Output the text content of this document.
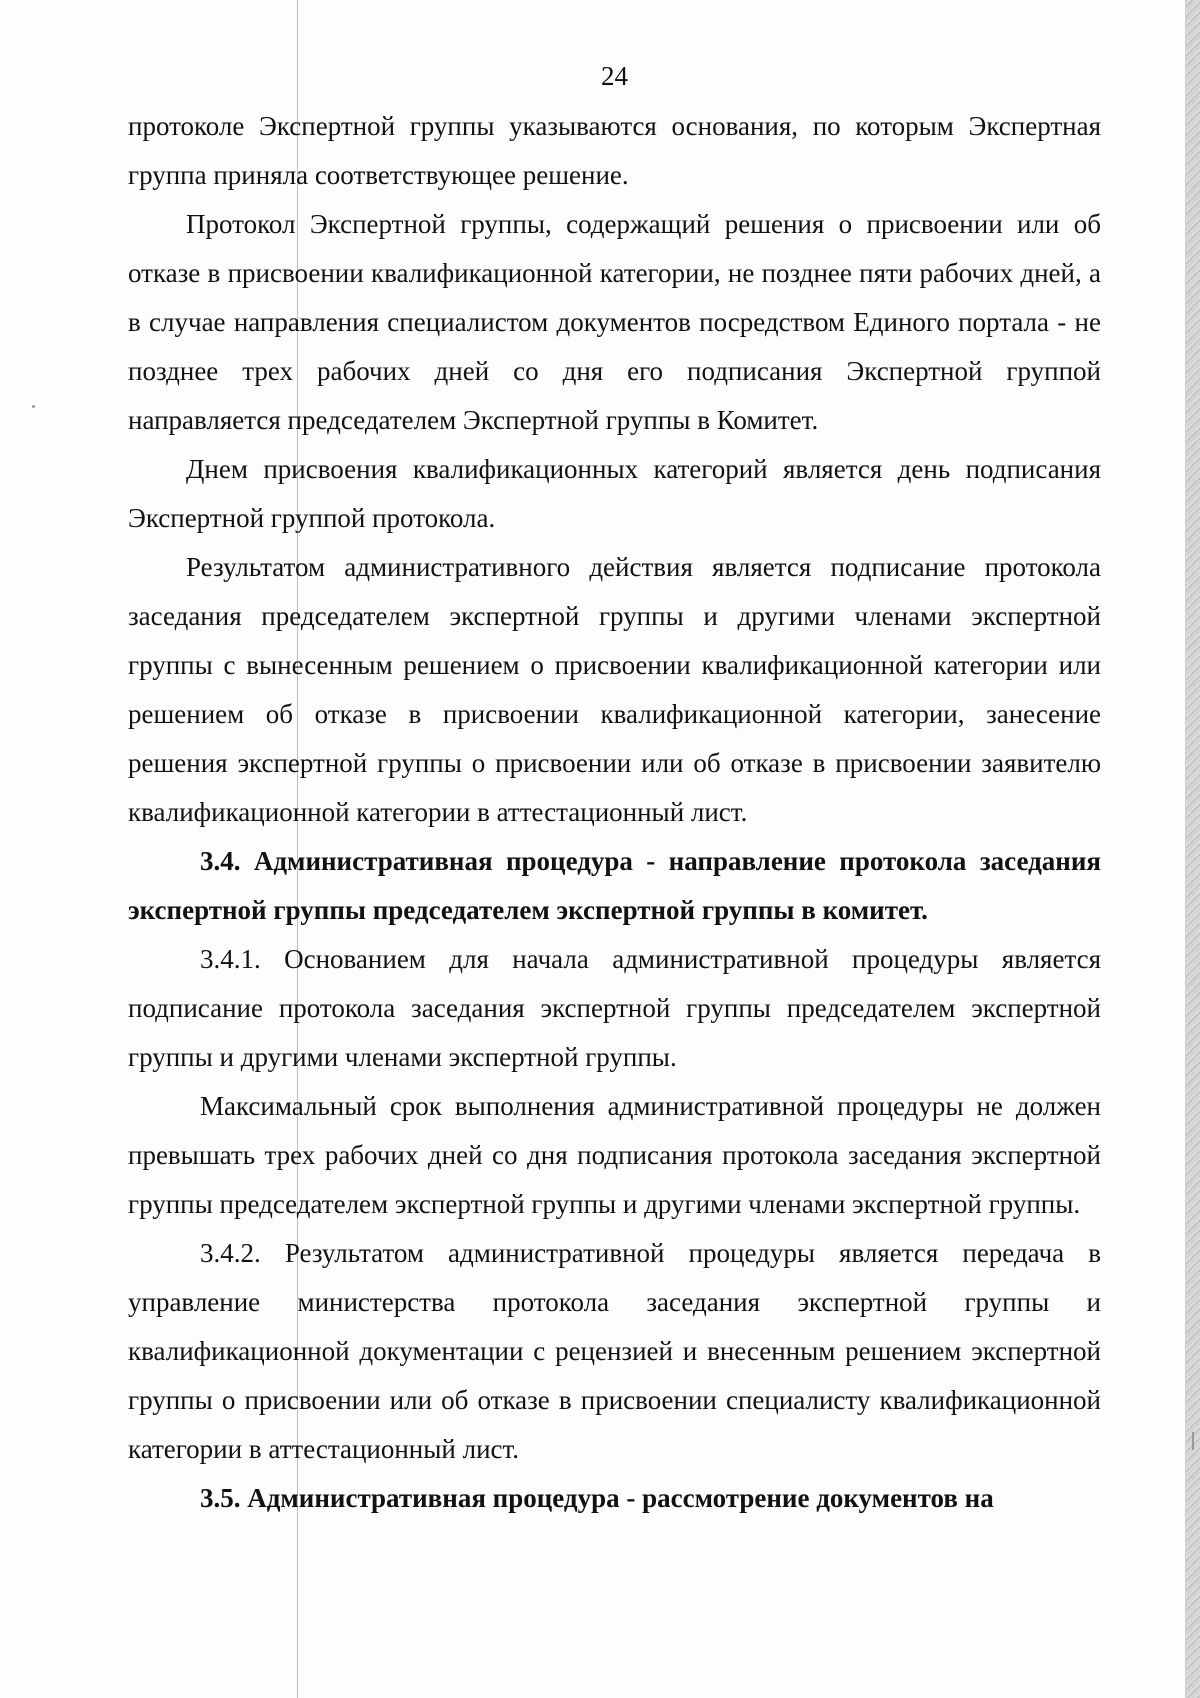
24

протоколе Экспертной группы указываются основания, по которым Экспертная группа приняла соответствующее решение.

Протокол Экспертной группы, содержащий решения о присвоении или об отказе в присвоении квалификационной категории, не позднее пяти рабочих дней, а в случае направления специалистом документов посредством Единого портала - не позднее трех рабочих дней со дня его подписания Экспертной группой направляется председателем Экспертной группы в Комитет.

Днем присвоения квалификационных категорий является день подписания Экспертной группой протокола.

Результатом административного действия является подписание протокола заседания председателем экспертной группы и другими членами экспертной группы с вынесенным решением о присвоении квалификационной категории или решением об отказе в присвоении квалификационной категории, занесение решения экспертной группы о присвоении или об отказе в присвоении заявителю квалификационной категории в аттестационный лист.

3.4. Административная процедура - направление протокола заседания экспертной группы председателем экспертной группы в комитет.

3.4.1. Основанием для начала административной процедуры является подписание протокола заседания экспертной группы председателем экспертной группы и другими членами экспертной группы.

Максимальный срок выполнения административной процедуры не должен превышать трех рабочих дней со дня подписания протокола заседания экспертной группы председателем экспертной группы и другими членами экспертной группы.

3.4.2. Результатом административной процедуры является передача в управление министерства протокола заседания экспертной группы и квалификационной документации с рецензией и внесенным решением экспертной группы о присвоении или об отказе в присвоении специалисту квалификационной категории в аттестационный лист.

3.5. Административная процедура - рассмотрение документов на
